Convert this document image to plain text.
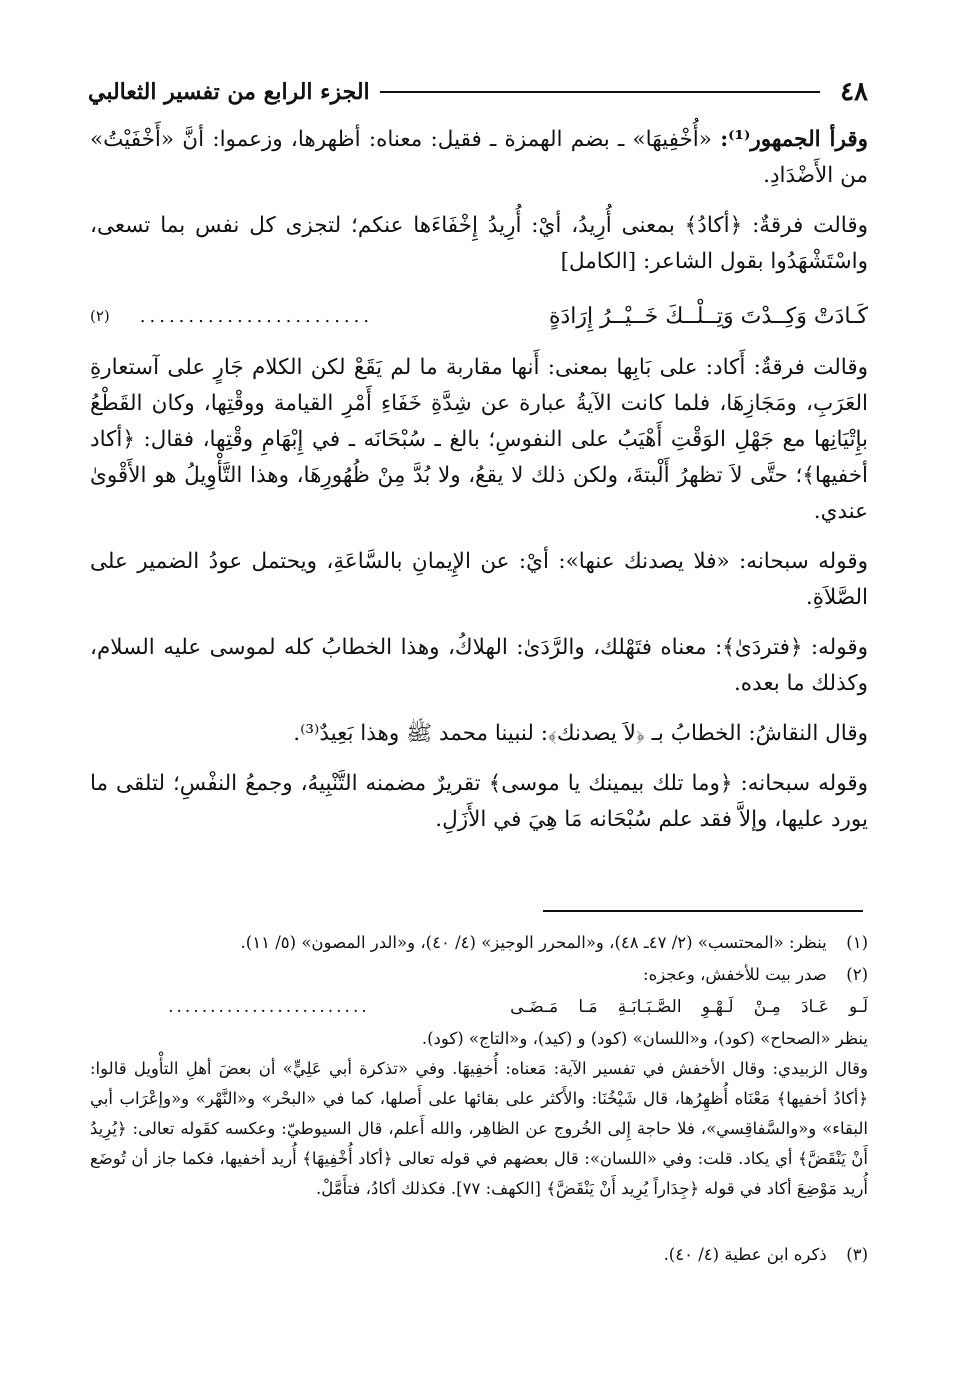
٤٨
الجزء الرابع من تفسير الثعالبي

وقرأ الجمهور⁽¹⁾: «أُخْفِيهَا» ـ بضم الهمزة ـ فقيل: معناه: أظهرها، وزعموا: أنَّ «أَخْفَيْتُ» من الأَضْدَادِ.

وقالت فرقةٌ: ﴿أكادُ﴾ بمعنى أُرِيدُ، أيْ: أُرِيدُ إِخْفَاءَها عنكم؛ لتجزى كل نفس بما تسعى، واسْتَشْهَدُوا بقول الشاعر: [الكامل]

كَـادَتْ وَكِــدْتَ وَتِــلْــكَ خَــيْــرُ إِرَادَةٍ
........................
(٢)

وقالت فرقةٌ: أَكاد: على بَابِها بمعنى: أَنها مقاربة ما لم يَقَعْ لكن الكلام جَارٍ على آستعارةِ العَرَبِ، ومَجَازِهَا، فلما كانت الآيةُ عبارة عن شِدَّةِ خَفَاءِ أَمْرِ القيامة ووقْتِها، وكان القَطْعُ بإِتْيَانِها مع جَهْلِ الوَقْتِ أَهْيَبُ على النفوسِ؛ بالغ ـ سُبْحَانَه ـ في إِبْهَامِ وقْتِها، فقال: ﴿أكاد أخفيها﴾؛ حتَّى لاَ تظهرُ أَلْبتةَ، ولكن ذلك لا يقعُ، ولا بُدَّ مِنْ ظُهُورِهَا، وهذا التَّأْوِيلُ هو الأَقْوىٰ عندي.

وقوله سبحانه: «فلا يصدنك عنها»: أيْ: عن الإِيمانِ بالسَّاعَةِ، ويحتمل عودُ الضمير على الصَّلاَةِ.

وقوله: ﴿فتردَىٰ﴾: معناه فتَهْلك، والرَّدَىٰ: الهلاكُ، وهذا الخطابُ كله لموسى عليه السلام، وكذلك ما بعده.

وقال النقاشُ: الخطابُ بـ ﴿لاَ يصدنك﴾: لنبينا محمد ﷺ وهذا بَعِيدٌ⁽³⁾.

وقوله سبحانه: ﴿وما تلك بيمينك يا موسى﴾ تقريرٌ مضمنه التَّنْبِيهُ، وجمعُ النفْسِ؛ لتلقى ما يورد عليها، وإلاَّ فقد علم سُبْحَانه مَا هِيَ في الأَزَلِ.

(١) ينظر: «المحتسب» (٢/ ٤٧ـ ٤٨)، و«المحرر الوجيز» (٤/ ٤٠)، و«الدر المصون» (٥/ ١١).
(٢) صدر بيت للأخفش، وعجزه:
لَـو عَـادَ مِـنْ لَـهْـوِ الصَّـبَـابَـةِ مَـا مَـضَـى
........................
ينظر «الصحاح» (كود)، و«اللسان» (كود) و (كيد)، و«التاج» (كود).
وقال الزبيدي: وقال الأخفش في تفسير الآية: مَعناه: أُخفِيهَا. وفي «تذكرة أبي عَلِيٍّ» أن بعضَ أهلِ التأْويل قالوا: ﴿أكادُ أخفيها﴾ مَعْنَاه أُظهِرُها، قال شَيْخُنَا: والأَكثر على بقائها على أَصلها، كما في «البحْر» و«النَّهْر» و«وإعْرَاب أبي البقاء» و«والسَّفاقِسي»، فلا حاجة إِلى الخُروج عن الظاهِر، والله أَعلم، قال السيوطيّ: وعكسه كقَوله تعالى: ﴿يُرِيدُ أَنْ يَنْقَضَّ﴾ أي يكاد. قلت: وفي «اللسان»: قال بعضهم في قوله تعالى ﴿أكاد أُخْفِيهَا﴾ أُريد أخفيها، فكما جاز أن تُوضَع أُريد مَوْضِعَ أكاد في قوله ﴿جِدَاراً يُرِيد أَنْ يَنْقَضَّ﴾ [الكهف: ٧٧]. فكذلك أكادُ، فتأَمَّلْ.
(٣) ذكره ابن عطية (٤/ ٤٠).
